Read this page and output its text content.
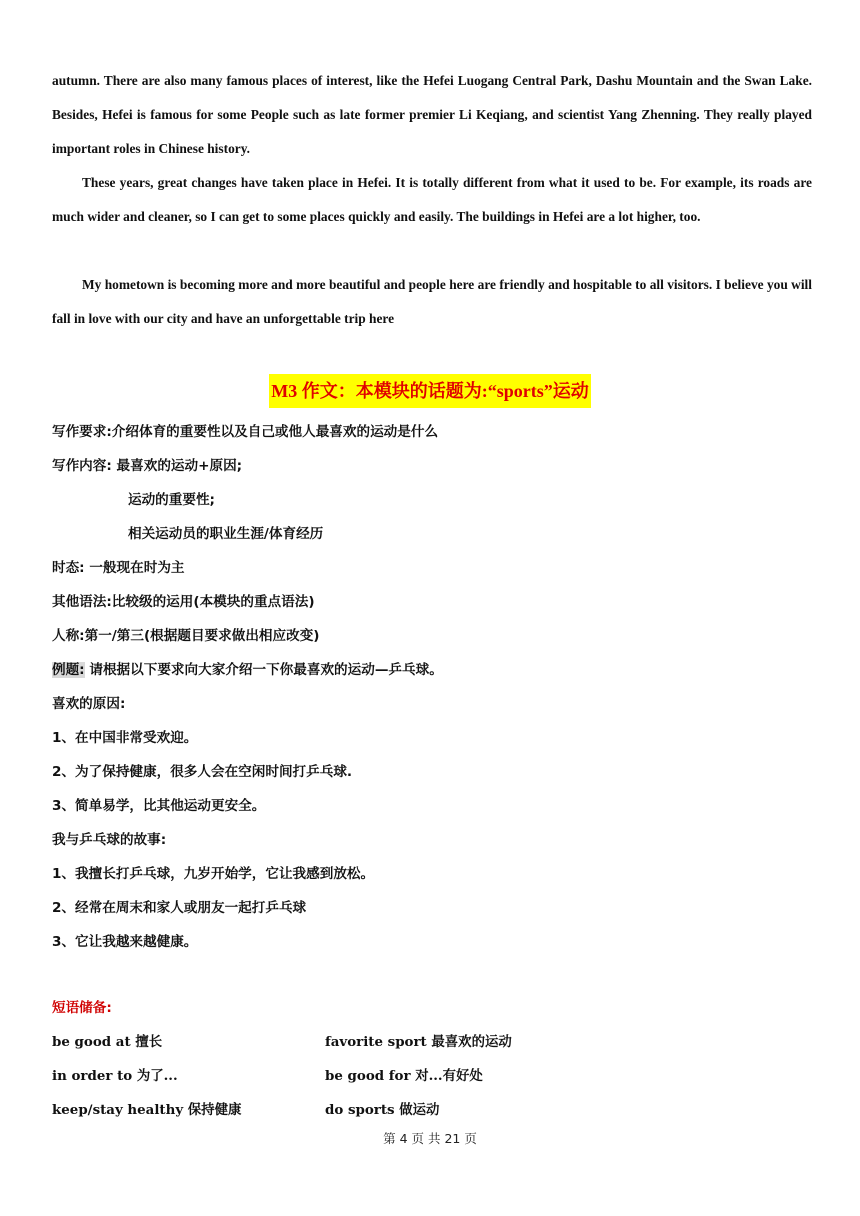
autumn. There are also many famous places of interest, like the Hefei Luogang Central Park, Dashu Mountain and the Swan Lake. Besides, Hefei is famous for some People such as late former premier Li Keqiang, and scientist Yang Zhenning. They really played important roles in Chinese history.

These years, great changes have taken place in Hefei. It is totally different from what it used to be. For example, its roads are much wider and cleaner, so I can get to some places quickly and easily. The buildings in Hefei are a lot higher, too.

My hometown is becoming more and more beautiful and people here are friendly and hospitable to all visitors. I believe you will fall in love with our city and have an unforgettable trip here

M3 作文：本模块的话题为:“sports”运动
写作要求:介绍体育的重要性以及自己或他人最喜欢的运动是什么
写作内容: 最喜欢的运动+原因;
运动的重要性;
相关运动员的职业生涯/体育经历
时态: 一般现在时为主
其他语法:比较级的运用(本模块的重点语法)
人称:第一/第三(根据题目要求做出相应改变)
例题: 请根据以下要求向大家介绍一下你最喜欢的运动—乒乓球。
喜欢的原因:
1、在中国非常受欢迎。
2、为了保持健康，很多人会在空闲时间打乒乓球.
3、简单易学，比其他运动更安全。
我与乒乓球的故事:
1、我擅长打乒乓球，九岁开始学，它让我感到放松。
2、经常在周末和家人或朋友一起打乒乓球
3、它让我越来越健康。
短语储备:
be good at 擅长	favorite sport 最喜欢的运动
in order to 为了...	be good for 对...有好处
keep/stay healthy 保持健康	do sports 做运动
第 4 页 共 21 页
